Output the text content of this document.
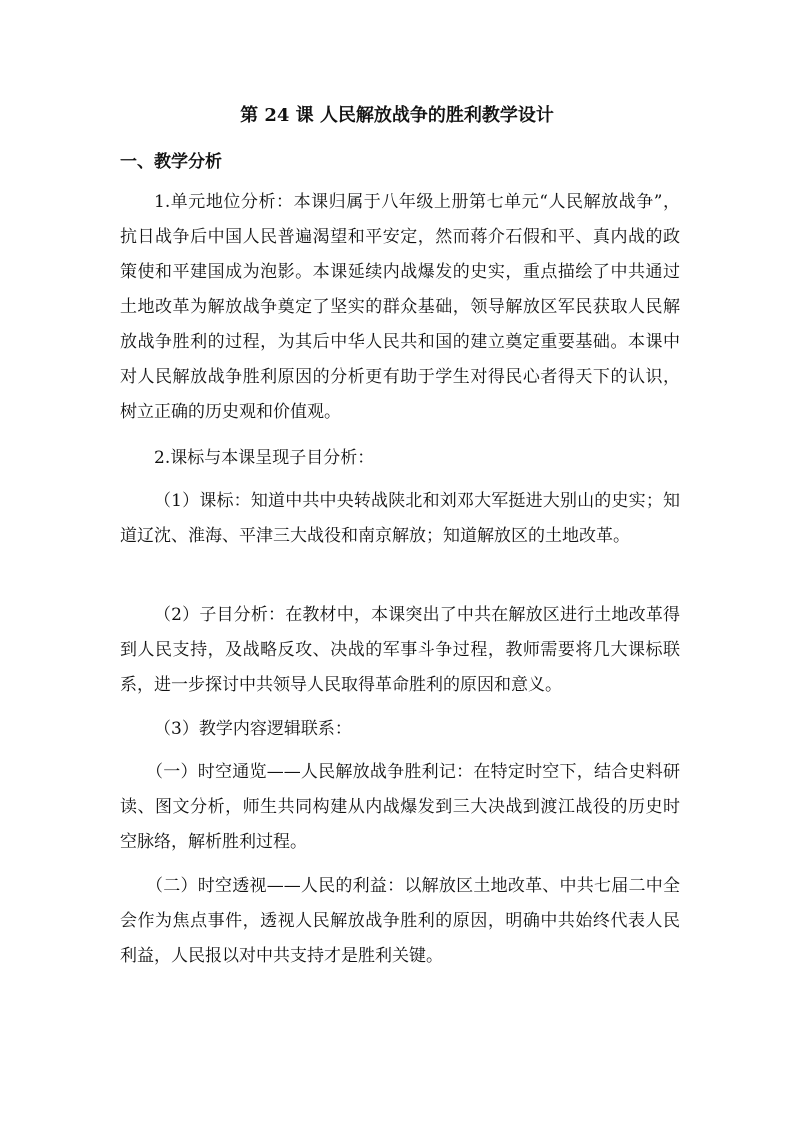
第 24 课 人民解放战争的胜利教学设计
一、教学分析

1.单元地位分析：本课归属于八年级上册第七单元“人民解放战争”，抗日战争后中国人民普遍渴望和平安定，然而蒋介石假和平、真内战的政策使和平建国成为泡影。本课延续内战爆发的史实，重点描绘了中共通过土地改革为解放战争奠定了坚实的群众基础，领导解放区军民获取人民解放战争胜利的过程，为其后中华人民共和国的建立奠定重要基础。本课中对人民解放战争胜利原因的分析更有助于学生对得民心者得天下的认识，树立正确的历史观和价值观。

2.课标与本课呈现子目分析：

（1）课标：知道中共中央转战陕北和刘邓大军挺进大别山的史实；知道辽沈、淮海、平津三大战役和南京解放；知道解放区的土地改革。

（2）子目分析：在教材中，本课突出了中共在解放区进行土地改革得到人民支持，及战略反攻、决战的军事斗争过程，教师需要将几大课标联系，进一步探讨中共领导人民取得革命胜利的原因和意义。

（3）教学内容逻辑联系：

（一）时空通览——人民解放战争胜利记：在特定时空下，结合史料研读、图文分析，师生共同构建从内战爆发到三大决战到渡江战役的历史时空脉络，解析胜利过程。

（二）时空透视——人民的利益：以解放区土地改革、中共七届二中全会作为焦点事件，透视人民解放战争胜利的原因，明确中共始终代表人民利益，人民报以对中共支持才是胜利关键。
